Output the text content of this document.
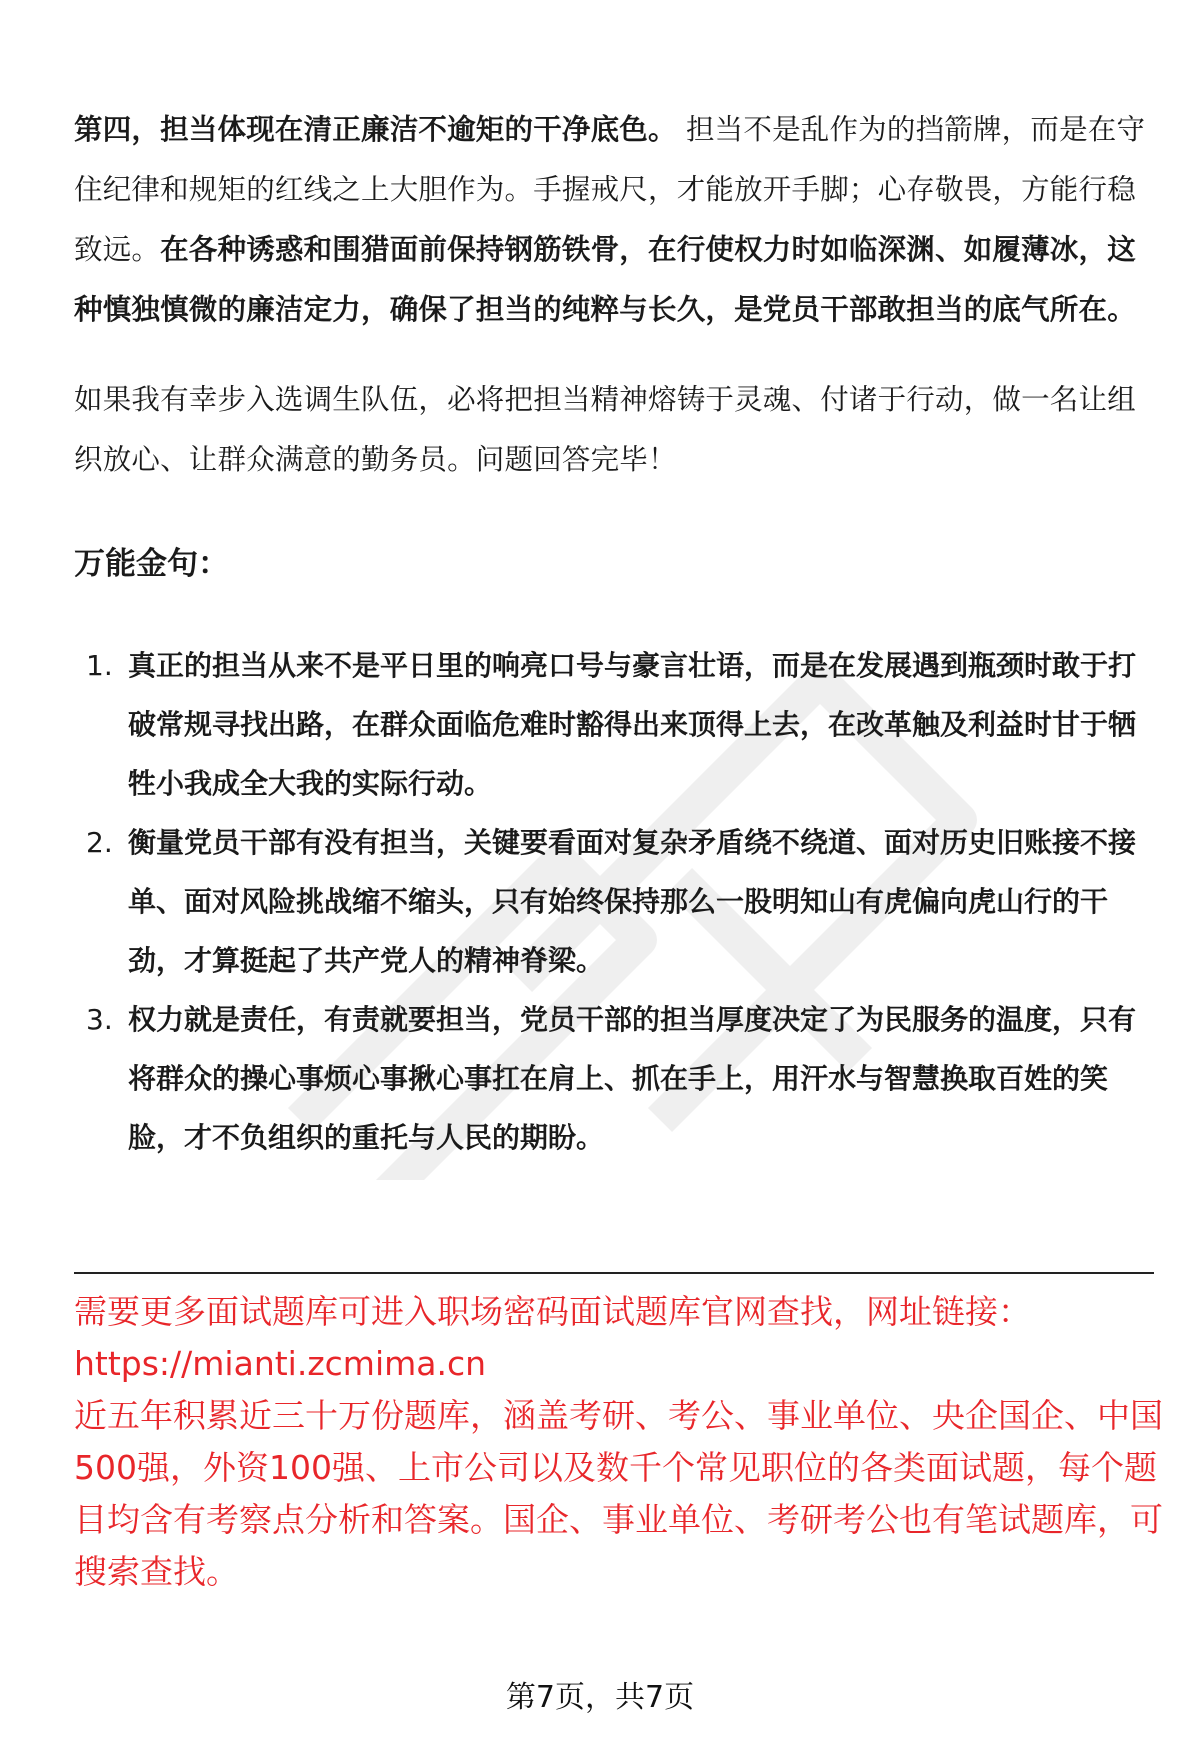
第四，担当体现在清正廉洁不逾矩的干净底色。 担当不是乱作为的挡箭牌，而是在守住纪律和规矩的红线之上大胆作为。手握戒尺，才能放开手脚；心存敬畏，方能行稳致远。在各种诱惑和围猎面前保持钢筋铁骨，在行使权力时如临深渊、如履薄冰，这种慎独慎微的廉洁定力，确保了担当的纯粹与长久，是党员干部敢担当的底气所在。

如果我有幸步入选调生队伍，必将把担当精神熔铸于灵魂、付诸于行动，做一名让组织放心、让群众满意的勤务员。问题回答完毕！

万能金句：
1. 真正的担当从来不是平日里的响亮口号与豪言壮语，而是在发展遇到瓶颈时敢于打破常规寻找出路，在群众面临危难时豁得出来顶得上去，在改革触及利益时甘于牺牲小我成全大我的实际行动。
2. 衡量党员干部有没有担当，关键要看面对复杂矛盾绕不绕道、面对历史旧账接不接单、面对风险挑战缩不缩头，只有始终保持那么一股明知山有虎偏向虎山行的干劲，才算挺起了共产党人的精神脊梁。
3. 权力就是责任，有责就要担当，党员干部的担当厚度决定了为民服务的温度，只有将群众的操心事烦心事揪心事扛在肩上、抓在手上，用汗水与智慧换取百姓的笑脸，才不负组织的重托与人民的期盼。

需要更多面试题库可进入职场密码面试题库官网查找，网址链接：

https://mianti.zcmima.cn

近五年积累近三十万份题库，涵盖考研、考公、事业单位、央企国企、中国500强，外资100强、上市公司以及数千个常见职位的各类面试题，每个题目均含有考察点分析和答案。国企、事业单位、考研考公也有笔试题库，可搜索查找。

第7页，共7页
